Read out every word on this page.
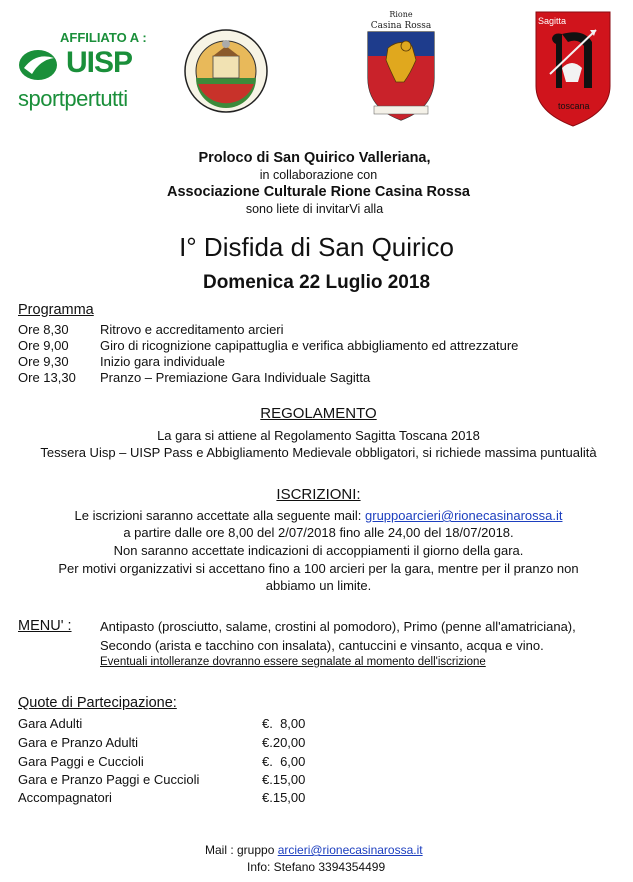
AFFILIATO A :
UISP
sportpertutti
Rione
Casina Rossa	Sagitta
toscana
Proloco di San Quirico Valleriana,
in collaborazione con
Associazione Culturale Rione Casina Rossa
sono liete di invitarVi alla
I° Disfida di San Quirico
Domenica 22 Luglio 2018
Programma
Ore 8,30 Ritrovo e accreditamento arcieri
Ore 9,00 Giro di ricognizione capipattuglia e verifica abbigliamento ed attrezzature
Ore 9,30 Inizio gara individuale
Ore 13,30 Pranzo – Premiazione Gara Individuale Sagitta
REGOLAMENTO
La gara si attiene al Regolamento Sagitta Toscana 2018
Tessera Uisp – UISP Pass e Abbigliamento Medievale obbligatori, si richiede massima puntualità
ISCRIZIONI:
Le iscrizioni saranno accettate alla seguente mail: gruppoarcieri@rionecasinarossa.it
a partire dalle ore 8,00 del 2/07/2018 fino alle 24,00 del 18/07/2018.
Non saranno accettate indicazioni di accoppiamenti il giorno della gara.
Per motivi organizzativi si accettano fino a 100 arcieri per la gara, mentre per il pranzo non
abbiamo un limite.
MENU' : Antipasto (prosciutto, salame, crostini al pomodoro), Primo (penne all'amatriciana),
Secondo (arista e tacchino con insalata), cantuccini e vinsanto, acqua e vino.
Eventuali intolleranze dovranno essere segnalate al momento dell'iscrizione
Quote di Partecipazione:
Gara Adulti	€.  8,00
Gara e Pranzo Adulti	€.20,00
Gara Paggi e Cuccioli	€.  6,00
Gara e Pranzo Paggi e Cuccioli	€.15,00
Accompagnatori	€.15,00
Mail : gruppo arcieri@rionecasinarossa.it
Info: Stefano 3394354499
